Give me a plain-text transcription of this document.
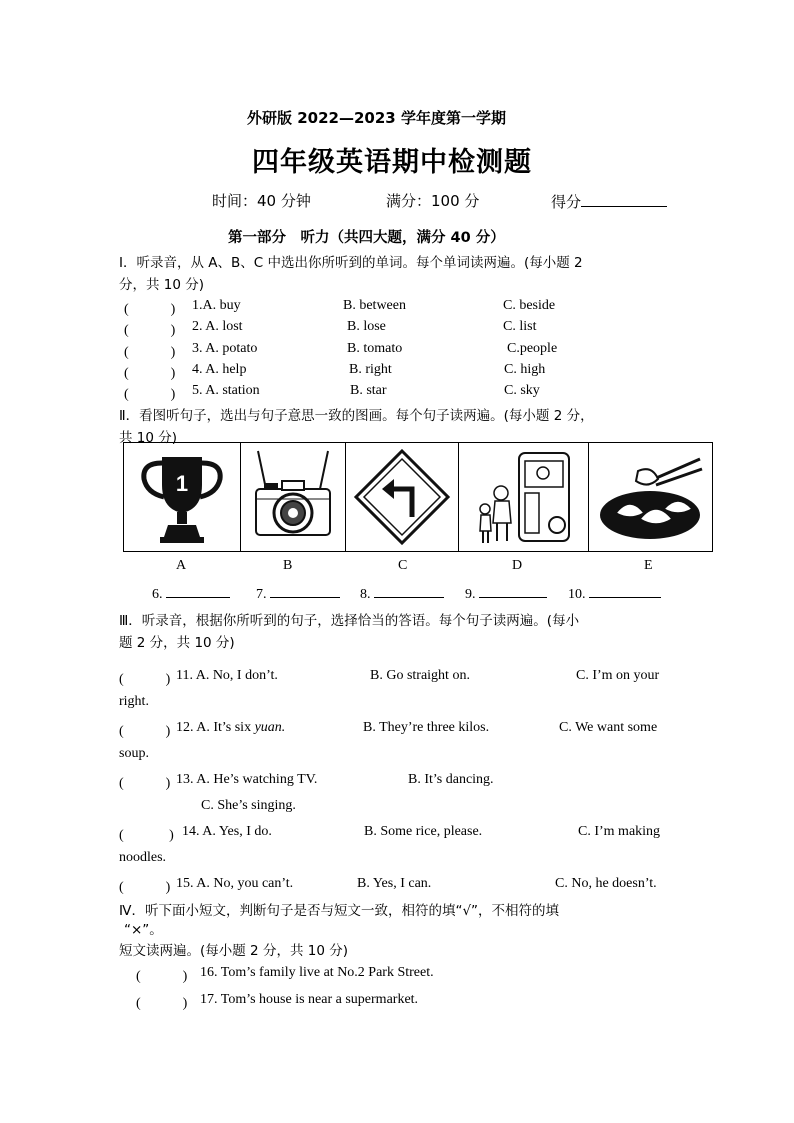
外研版 2022—2023 学年度第一学期
四年级英语期中检测题
时间：40 分钟	满分：100 分	得分
第一部分　听力（共四大题，满分 40 分）
Ⅰ．听录音，从 A、B、C 中选出你所听到的单词。每个单词读两遍。(每小题 2
分，共 10 分)
(　　　) 1.A. buy	B. between	C. beside
(　　　) 2. A. lost	B. lose	C. list
(　　　) 3. A. potato	B. tomato	C.people
(　　　) 4. A. help	B. right	C. high
(　　　) 5. A. station	B. star	C. sky
Ⅱ．看图听句子，选出与句子意思一致的图画。每个句子读两遍。(每小题 2 分，
共 10 分)
1
A	B	C	D	E
6.	7.	8.	9.	10.
Ⅲ．听录音，根据你所听到的句子，选择恰当的答语。每个句子读两遍。(每小
题 2 分，共 10 分)
(　　　) 11. A. No, I don’t.	B. Go straight on.	C. I’m on your
right.
(　　　) 12. A. It’s six yuan.	B. They’re three kilos.	C. We want some
soup.
(　　　) 13. A. He’s watching TV.	B. It’s dancing.
C. She’s singing.
(　　　 ) 14. A. Yes, I do.	B. Some rice, please.	C. I’m making
noodles.
(　　　) 15. A. No, you can’t.	B. Yes, I can.	C. No, he doesn’t.
Ⅳ．听下面小短文，判断句子是否与短文一致，相符的填“√”，不相符的填
“×”。
短文读两遍。(每小题 2 分，共 10 分)
(　　　) 16. Tom’s family live at No.2 Park Street.
(　　　) 17. Tom’s house is near a supermarket.
